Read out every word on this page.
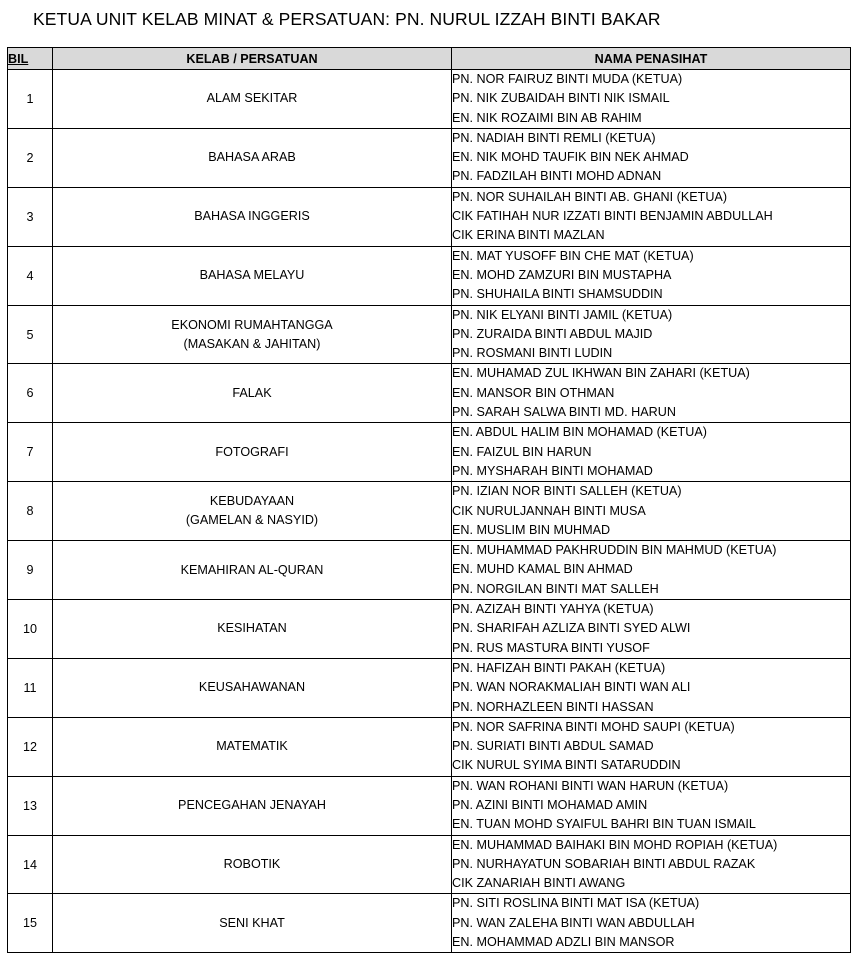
KETUA UNIT KELAB MINAT & PERSATUAN: PN. NURUL IZZAH BINTI BAKAR
BIL	KELAB / PERSATUAN	NAMA PENASIHAT
1	ALAM SEKITAR	PN. NOR FAIRUZ BINTI MUDA (KETUA)
PN. NIK ZUBAIDAH BINTI NIK ISMAIL
EN. NIK ROZAIMI BIN AB RAHIM

2	BAHASA ARAB	PN. NADIAH BINTI REMLI (KETUA)
EN. NIK MOHD TAUFIK BIN NEK AHMAD
PN. FADZILAH BINTI MOHD ADNAN

3	BAHASA INGGERIS	PN. NOR SUHAILAH BINTI AB. GHANI (KETUA)
CIK FATIHAH NUR IZZATI BINTI BENJAMIN ABDULLAH
CIK ERINA BINTI MAZLAN

4	BAHASA MELAYU	EN. MAT YUSOFF BIN CHE MAT (KETUA)
EN. MOHD ZAMZURI BIN MUSTAPHA
PN. SHUHAILA BINTI SHAMSUDDIN

5	EKONOMI RUMAHTANGGA
(MASAKAN & JAHITAN)	PN. NIK ELYANI BINTI JAMIL (KETUA)
PN. ZURAIDA BINTI ABDUL MAJID
PN. ROSMANI BINTI LUDIN

6	FALAK	EN. MUHAMAD ZUL IKHWAN BIN ZAHARI (KETUA)
EN. MANSOR BIN OTHMAN
PN. SARAH SALWA BINTI MD. HARUN

7	FOTOGRAFI	EN. ABDUL HALIM BIN MOHAMAD (KETUA)
EN. FAIZUL BIN HARUN
PN. MYSHARAH BINTI MOHAMAD

8	KEBUDAYAAN
(GAMELAN & NASYID)	PN. IZIAN NOR BINTI SALLEH (KETUA)
CIK NURULJANNAH BINTI MUSA
EN. MUSLIM BIN MUHMAD

9	KEMAHIRAN AL-QURAN	EN. MUHAMMAD PAKHRUDDIN BIN MAHMUD (KETUA)
EN. MUHD KAMAL BIN AHMAD
PN. NORGILAN BINTI MAT SALLEH

10	KESIHATAN	PN. AZIZAH BINTI YAHYA (KETUA)
PN. SHARIFAH AZLIZA BINTI SYED ALWI
PN. RUS MASTURA BINTI YUSOF

11	KEUSAHAWANAN	PN. HAFIZAH BINTI PAKAH (KETUA)
PN. WAN NORAKMALIAH BINTI WAN ALI
PN. NORHAZLEEN BINTI HASSAN

12	MATEMATIK	PN. NOR SAFRINA BINTI MOHD SAUPI (KETUA)
PN. SURIATI BINTI ABDUL SAMAD
CIK NURUL SYIMA BINTI SATARUDDIN

13	PENCEGAHAN JENAYAH	PN. WAN ROHANI BINTI WAN HARUN (KETUA)
PN. AZINI BINTI MOHAMAD AMIN
EN. TUAN MOHD SYAIFUL BAHRI BIN TUAN ISMAIL

14	ROBOTIK	EN. MUHAMMAD BAIHAKI BIN MOHD ROPIAH (KETUA)
PN. NURHAYATUN SOBARIAH BINTI ABDUL RAZAK
CIK ZANARIAH BINTI AWANG

15	SENI KHAT	PN. SITI ROSLINA BINTI MAT ISA (KETUA)
PN. WAN ZALEHA BINTI WAN ABDULLAH
EN. MOHAMMAD ADZLI BIN MANSOR
